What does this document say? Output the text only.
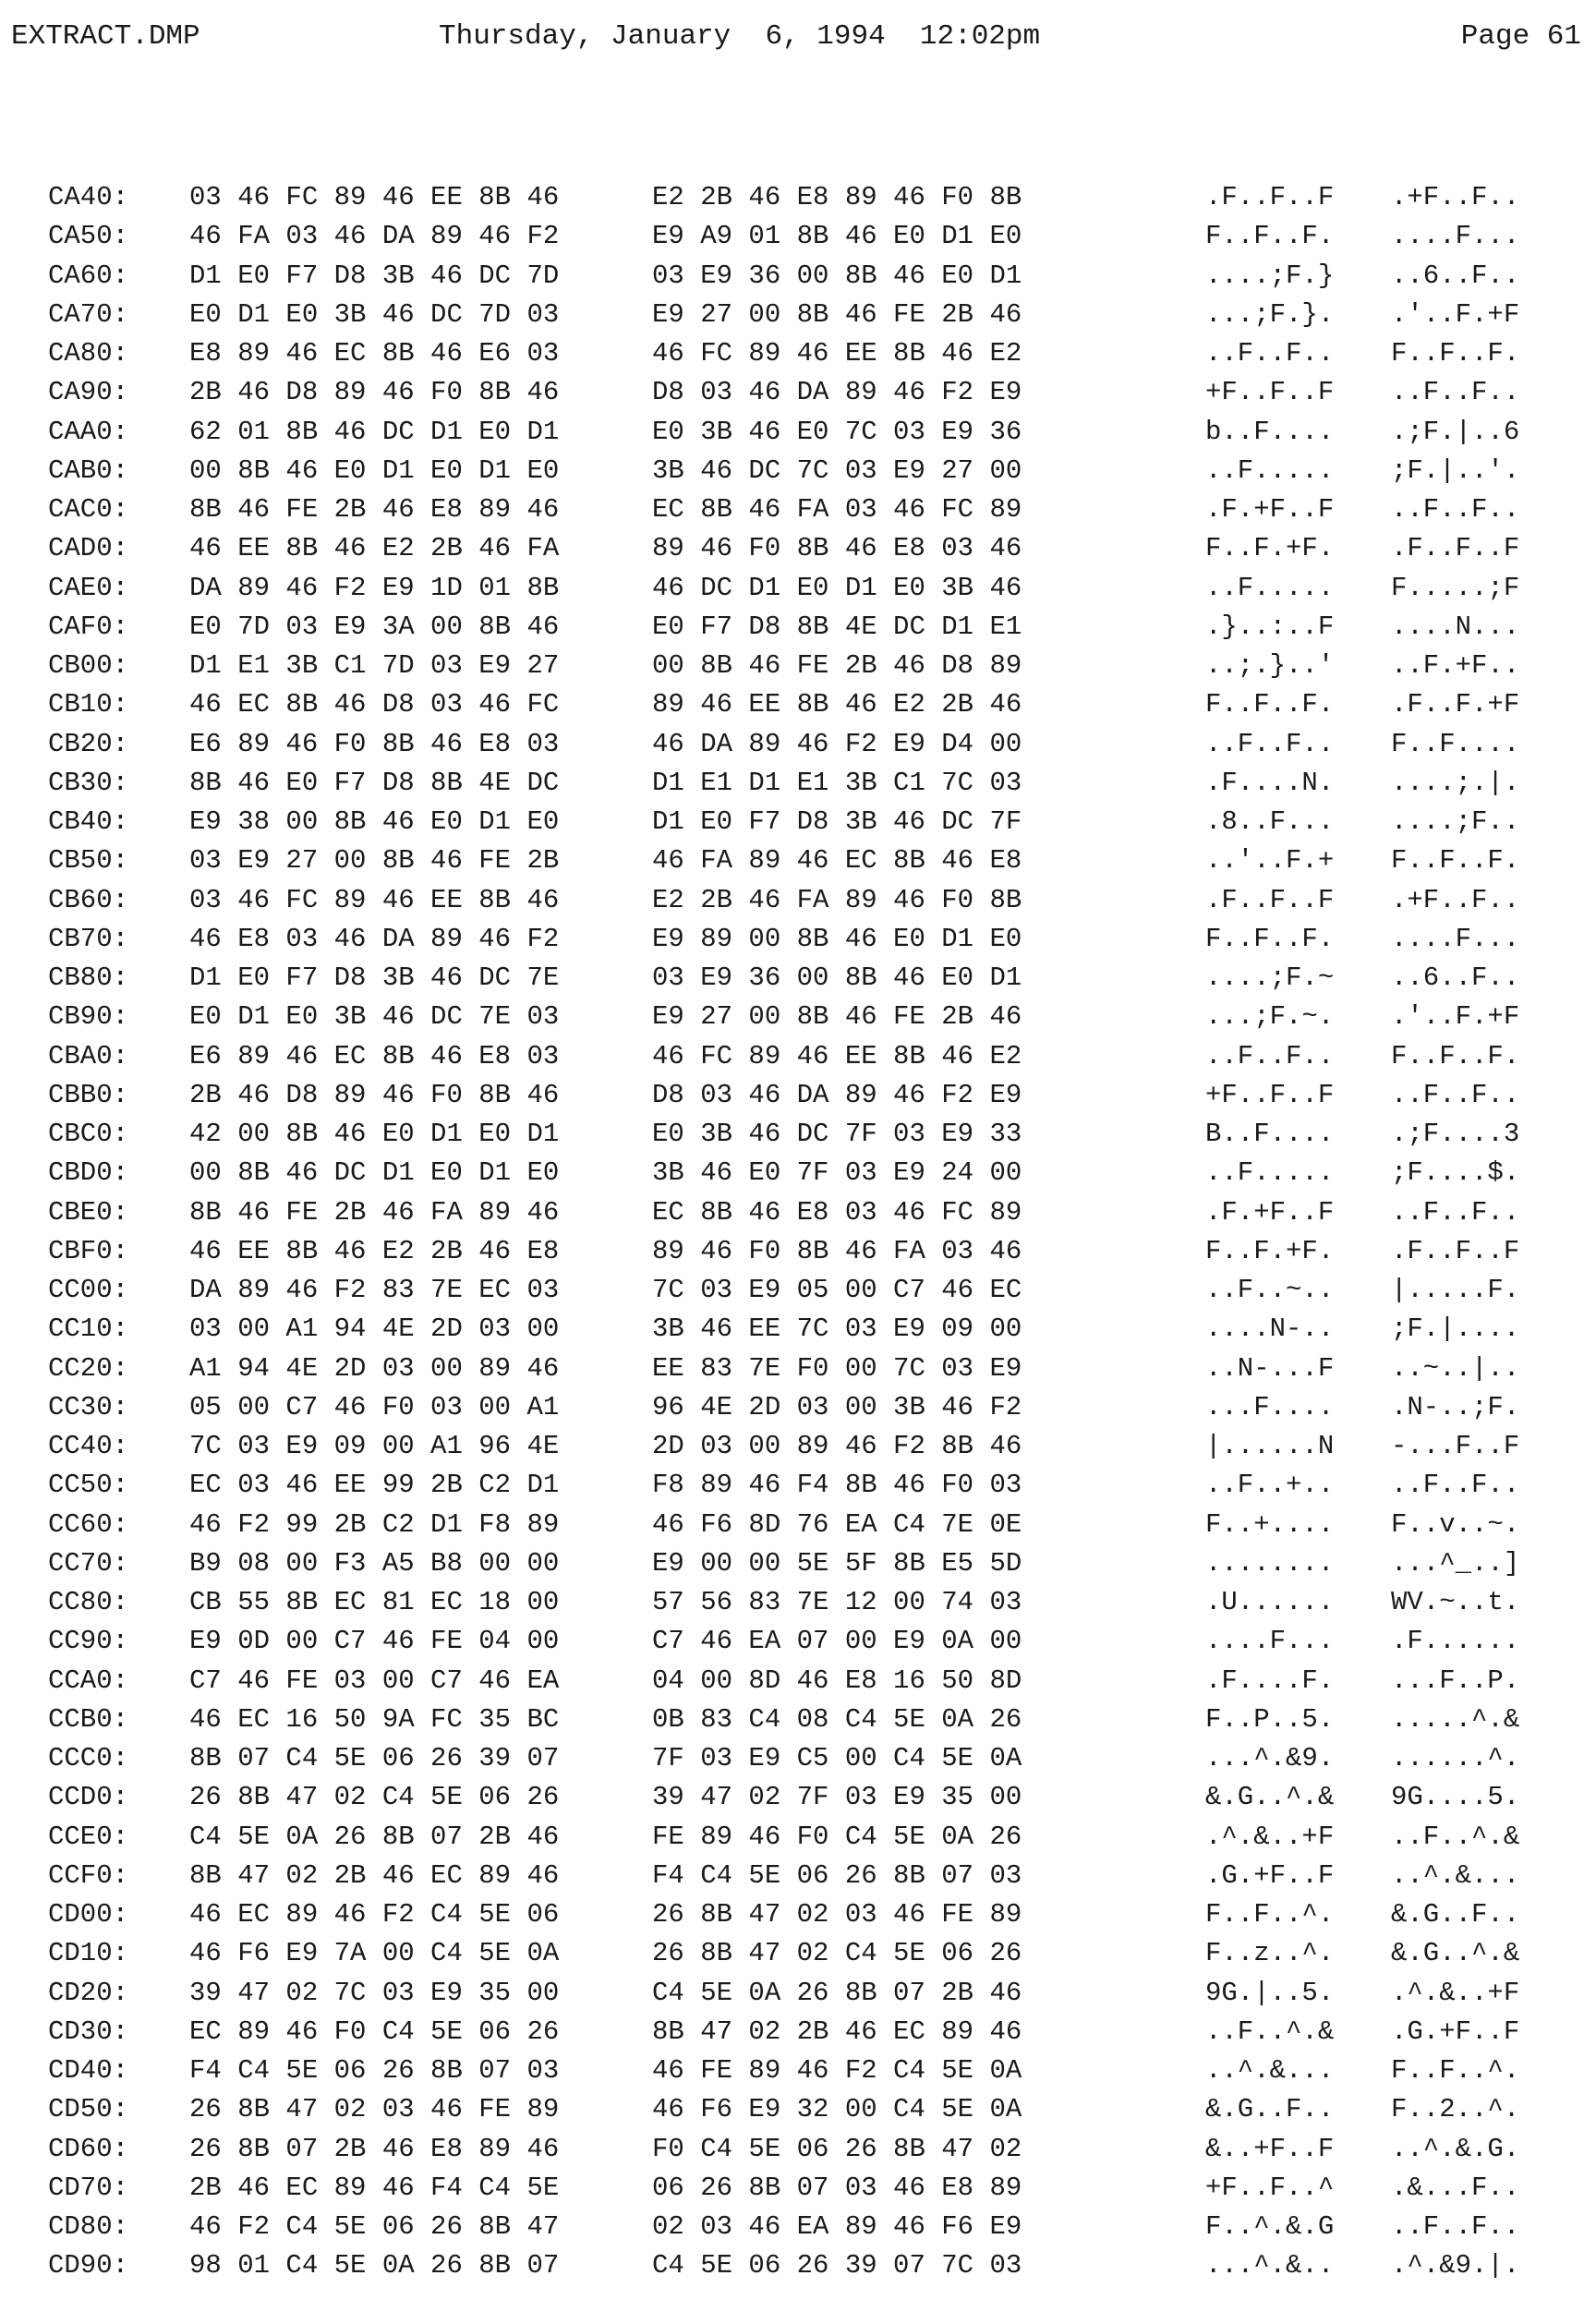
EXTRACT.DMP	Thursday, January  6, 1994  12:02pm	Page 61
CA40: 03 46 FC 89 46 EE 8B 46	E2 2B 46 E8 89 46 F0 8B	.F..F..F .+F..F..
CA50: 46 FA 03 46 DA 89 46 F2	E9 A9 01 8B 46 E0 D1 E0	F..F..F. ....F...
CA60: D1 E0 F7 D8 3B 46 DC 7D	03 E9 36 00 8B 46 E0 D1	....;F.} ..6..F..
CA70: E0 D1 E0 3B 46 DC 7D 03	E9 27 00 8B 46 FE 2B 46	...;F.}. .'..F.+F
CA80: E8 89 46 EC 8B 46 E6 03	46 FC 89 46 EE 8B 46 E2	..F..F.. F..F..F.
CA90: 2B 46 D8 89 46 F0 8B 46	D8 03 46 DA 89 46 F2 E9	+F..F..F ..F..F..
CAA0: 62 01 8B 46 DC D1 E0 D1	E0 3B 46 E0 7C 03 E9 36	b..F.... .;F.|..6
CAB0: 00 8B 46 E0 D1 E0 D1 E0	3B 46 DC 7C 03 E9 27 00	..F..... ;F.|..'.
CAC0: 8B 46 FE 2B 46 E8 89 46	EC 8B 46 FA 03 46 FC 89	.F.+F..F ..F..F..
CAD0: 46 EE 8B 46 E2 2B 46 FA	89 46 F0 8B 46 E8 03 46	F..F.+F. .F..F..F
CAE0: DA 89 46 F2 E9 1D 01 8B	46 DC D1 E0 D1 E0 3B 46	..F..... F.....;F
CAF0: E0 7D 03 E9 3A 00 8B 46	E0 F7 D8 8B 4E DC D1 E1	.}..:..F ....N...
CB00: D1 E1 3B C1 7D 03 E9 27	00 8B 46 FE 2B 46 D8 89	..;.}..' ..F.+F..
CB10: 46 EC 8B 46 D8 03 46 FC	89 46 EE 8B 46 E2 2B 46	F..F..F. .F..F.+F
CB20: E6 89 46 F0 8B 46 E8 03	46 DA 89 46 F2 E9 D4 00	..F..F.. F..F....
CB30: 8B 46 E0 F7 D8 8B 4E DC	D1 E1 D1 E1 3B C1 7C 03	.F....N. ....;.|.
CB40: E9 38 00 8B 46 E0 D1 E0	D1 E0 F7 D8 3B 46 DC 7F	.8..F... ....;F..
CB50: 03 E9 27 00 8B 46 FE 2B	46 FA 89 46 EC 8B 46 E8	..'..F.+ F..F..F.
CB60: 03 46 FC 89 46 EE 8B 46	E2 2B 46 FA 89 46 F0 8B	.F..F..F .+F..F..
CB70: 46 E8 03 46 DA 89 46 F2	E9 89 00 8B 46 E0 D1 E0	F..F..F. ....F...
CB80: D1 E0 F7 D8 3B 46 DC 7E	03 E9 36 00 8B 46 E0 D1	....;F.~ ..6..F..
CB90: E0 D1 E0 3B 46 DC 7E 03	E9 27 00 8B 46 FE 2B 46	...;F.~. .'..F.+F
CBA0: E6 89 46 EC 8B 46 E8 03	46 FC 89 46 EE 8B 46 E2	..F..F.. F..F..F.
CBB0: 2B 46 D8 89 46 F0 8B 46	D8 03 46 DA 89 46 F2 E9	+F..F..F ..F..F..
CBC0: 42 00 8B 46 E0 D1 E0 D1	E0 3B 46 DC 7F 03 E9 33	B..F.... .;F....3
CBD0: 00 8B 46 DC D1 E0 D1 E0	3B 46 E0 7F 03 E9 24 00	..F..... ;F....$.
CBE0: 8B 46 FE 2B 46 FA 89 46	EC 8B 46 E8 03 46 FC 89	.F.+F..F ..F..F..
CBF0: 46 EE 8B 46 E2 2B 46 E8	89 46 F0 8B 46 FA 03 46	F..F.+F. .F..F..F
CC00: DA 89 46 F2 83 7E EC 03	7C 03 E9 05 00 C7 46 EC	..F..~.. |.....F.
CC10: 03 00 A1 94 4E 2D 03 00	3B 46 EE 7C 03 E9 09 00	....N-.. ;F.|....
CC20: A1 94 4E 2D 03 00 89 46	EE 83 7E F0 00 7C 03 E9	..N-...F ..~..|..
CC30: 05 00 C7 46 F0 03 00 A1	96 4E 2D 03 00 3B 46 F2	...F.... .N-..;F.
CC40: 7C 03 E9 09 00 A1 96 4E	2D 03 00 89 46 F2 8B 46	|......N -...F..F
CC50: EC 03 46 EE 99 2B C2 D1	F8 89 46 F4 8B 46 F0 03	..F..+.. ..F..F..
CC60: 46 F2 99 2B C2 D1 F8 89	46 F6 8D 76 EA C4 7E 0E	F..+.... F..v..~.
CC70: B9 08 00 F3 A5 B8 00 00	E9 00 00 5E 5F 8B E5 5D	........ ...^_..]
CC80: CB 55 8B EC 81 EC 18 00	57 56 83 7E 12 00 74 03	.U...... WV.~..t.
CC90: E9 0D 00 C7 46 FE 04 00	C7 46 EA 07 00 E9 0A 00	....F... .F......
CCA0: C7 46 FE 03 00 C7 46 EA	04 00 8D 46 E8 16 50 8D	.F....F. ...F..P.
CCB0: 46 EC 16 50 9A FC 35 BC	0B 83 C4 08 C4 5E 0A 26	F..P..5. .....^.&
CCC0: 8B 07 C4 5E 06 26 39 07	7F 03 E9 C5 00 C4 5E 0A	...^.&9. ......^.
CCD0: 26 8B 47 02 C4 5E 06 26	39 47 02 7F 03 E9 35 00	&.G..^.& 9G....5.
CCE0: C4 5E 0A 26 8B 07 2B 46	FE 89 46 F0 C4 5E 0A 26	.^.&..+F ..F..^.&
CCF0: 8B 47 02 2B 46 EC 89 46	F4 C4 5E 06 26 8B 07 03	.G.+F..F ..^.&...
CD00: 46 EC 89 46 F2 C4 5E 06	26 8B 47 02 03 46 FE 89	F..F..^. &.G..F..
CD10: 46 F6 E9 7A 00 C4 5E 0A	26 8B 47 02 C4 5E 06 26	F..z..^. &.G..^.&
CD20: 39 47 02 7C 03 E9 35 00	C4 5E 0A 26 8B 07 2B 46	9G.|..5. .^.&..+F
CD30: EC 89 46 F0 C4 5E 06 26	8B 47 02 2B 46 EC 89 46	..F..^.& .G.+F..F
CD40: F4 C4 5E 06 26 8B 07 03	46 FE 89 46 F2 C4 5E 0A	..^.&... F..F..^.
CD50: 26 8B 47 02 03 46 FE 89	46 F6 E9 32 00 C4 5E 0A	&.G..F.. F..2..^.
CD60: 26 8B 07 2B 46 E8 89 46	F0 C4 5E 06 26 8B 47 02	&..+F..F ..^.&.G.
CD70: 2B 46 EC 89 46 F4 C4 5E	06 26 8B 07 03 46 E8 89	+F..F..^ .&...F..
CD80: 46 F2 C4 5E 06 26 8B 47	02 03 46 EA 89 46 F6 E9	F..^.&.G ..F..F..
CD90: 98 01 C4 5E 0A 26 8B 07	C4 5E 06 26 39 07 7C 03	...^.&.. .^.&9.|.
